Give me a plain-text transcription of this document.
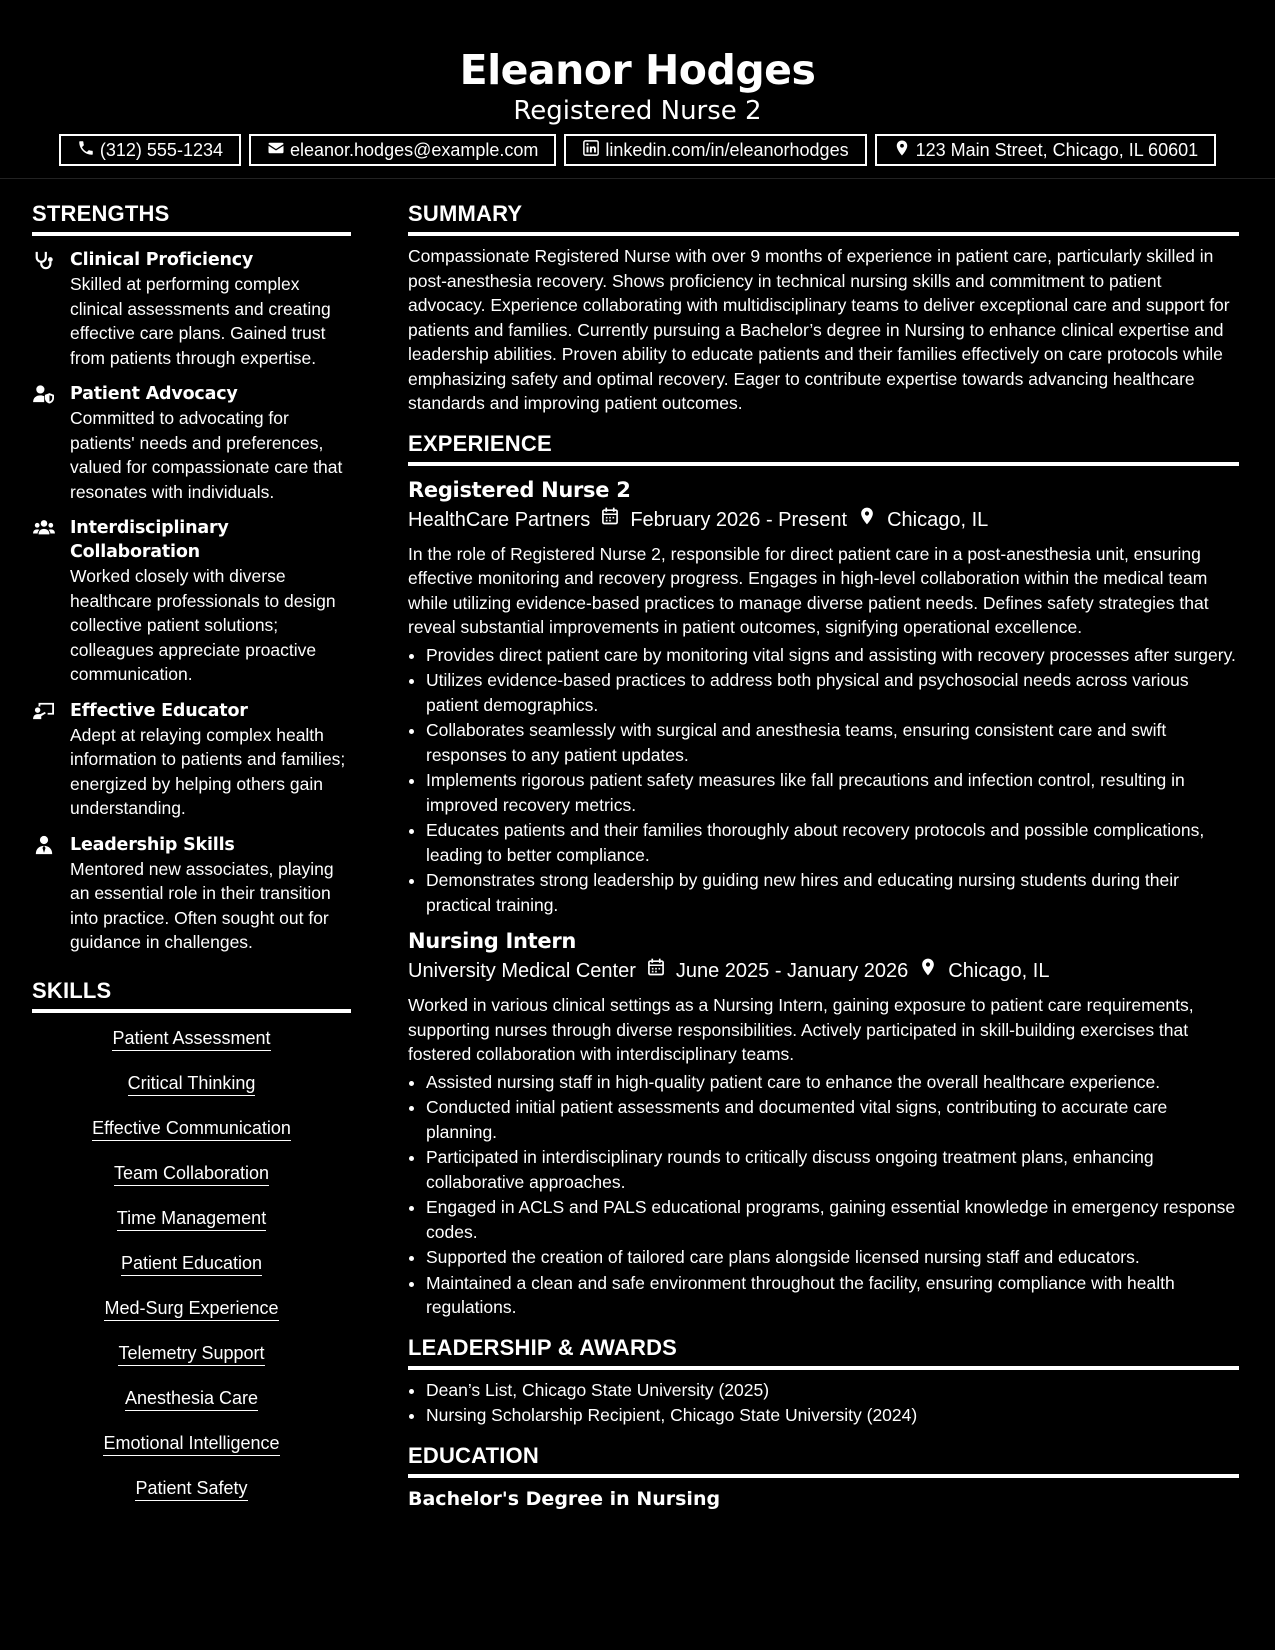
Eleanor Hodges
Registered Nurse 2
(312) 555-1234	eleanor.hodges@example.com	linkedin.com/in/eleanorhodges	123 Main Street, Chicago, IL 60601
STRENGTHS
Clinical Proficiency
Skilled at performing complex clinical assessments and creating effective care plans. Gained trust from patients through expertise.
Patient Advocacy
Committed to advocating for patients' needs and preferences, valued for compassionate care that resonates with individuals.
Interdisciplinary Collaboration
Worked closely with diverse healthcare professionals to design collective patient solutions; colleagues appreciate proactive communication.
Effective Educator
Adept at relaying complex health information to patients and families; energized by helping others gain understanding.
Leadership Skills
Mentored new associates, playing an essential role in their transition into practice. Often sought out for guidance in challenges.
SKILLS
Patient Assessment
Critical Thinking
Effective Communication
Team Collaboration
Time Management
Patient Education
Med-Surg Experience
Telemetry Support
Anesthesia Care
Emotional Intelligence
Patient Safety
SUMMARY
Compassionate Registered Nurse with over 9 months of experience in patient care, particularly skilled in post-anesthesia recovery. Shows proficiency in technical nursing skills and commitment to patient advocacy. Experience collaborating with multidisciplinary teams to deliver exceptional care and support for patients and families. Currently pursuing a Bachelor’s degree in Nursing to enhance clinical expertise and leadership abilities. Proven ability to educate patients and their families effectively on care protocols while emphasizing safety and optimal recovery. Eager to contribute expertise towards advancing healthcare standards and improving patient outcomes.
EXPERIENCE
Registered Nurse 2
HealthCare Partners February 2026 - Present Chicago, IL
In the role of Registered Nurse 2, responsible for direct patient care in a post-anesthesia unit, ensuring effective monitoring and recovery progress. Engages in high-level collaboration within the medical team while utilizing evidence-based practices to manage diverse patient needs. Defines safety strategies that reveal substantial improvements in patient outcomes, signifying operational excellence.
• Provides direct patient care by monitoring vital signs and assisting with recovery processes after surgery.
• Utilizes evidence-based practices to address both physical and psychosocial needs across various patient demographics.
• Collaborates seamlessly with surgical and anesthesia teams, ensuring consistent care and swift responses to any patient updates.
• Implements rigorous patient safety measures like fall precautions and infection control, resulting in improved recovery metrics.
• Educates patients and their families thoroughly about recovery protocols and possible complications, leading to better compliance.
• Demonstrates strong leadership by guiding new hires and educating nursing students during their practical training.
Nursing Intern
University Medical Center June 2025 - January 2026 Chicago, IL
Worked in various clinical settings as a Nursing Intern, gaining exposure to patient care requirements, supporting nurses through diverse responsibilities. Actively participated in skill-building exercises that fostered collaboration with interdisciplinary teams.
• Assisted nursing staff in high-quality patient care to enhance the overall healthcare experience.
• Conducted initial patient assessments and documented vital signs, contributing to accurate care planning.
• Participated in interdisciplinary rounds to critically discuss ongoing treatment plans, enhancing collaborative approaches.
• Engaged in ACLS and PALS educational programs, gaining essential knowledge in emergency response codes.
• Supported the creation of tailored care plans alongside licensed nursing staff and educators.
• Maintained a clean and safe environment throughout the facility, ensuring compliance with health regulations.
LEADERSHIP & AWARDS
• Dean’s List, Chicago State University (2025)
• Nursing Scholarship Recipient, Chicago State University (2024)
EDUCATION
Bachelor's Degree in Nursing
